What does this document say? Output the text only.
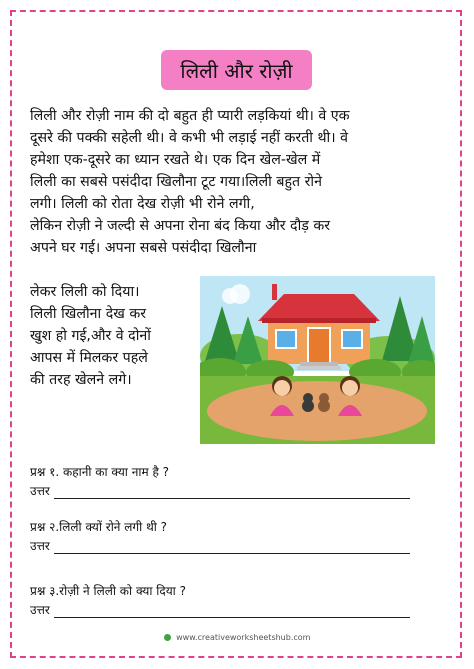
लिली और रोज़ी
लिली और रोज़ी नाम की दो बहुत ही प्यारी लड़कियां थी। वे एक
दूसरे की पक्की सहेली थी। वे कभी भी लड़ाई नहीं करती थी। वे
हमेशा एक-दूसरे का ध्यान रखते थे। एक दिन खेल-खेल में
लिली का सबसे पसंदीदा खिलौना टूट गया।लिली बहुत रोने
लगी। लिली को रोता देख रोज़ी भी रोने लगी,
लेकिन रोज़ी ने जल्दी से अपना रोना बंद किया और दौड़ कर
अपने घर गई। अपना सबसे पसंदीदा खिलौना
लेकर लिली को दिया।
लिली खिलौना देख कर
खुश हो गई,और वे दोनों
आपस में मिलकर पहले
की तरह खेलने लगे।
प्रश्न १. कहानी का क्या नाम है ?
उत्तर
प्रश्न २.लिली क्यों रोने लगी थी ?
उत्तर
प्रश्न ३.रोज़ी ने लिली को क्या दिया ?
उत्तर
www.creativeworksheetshub.com
